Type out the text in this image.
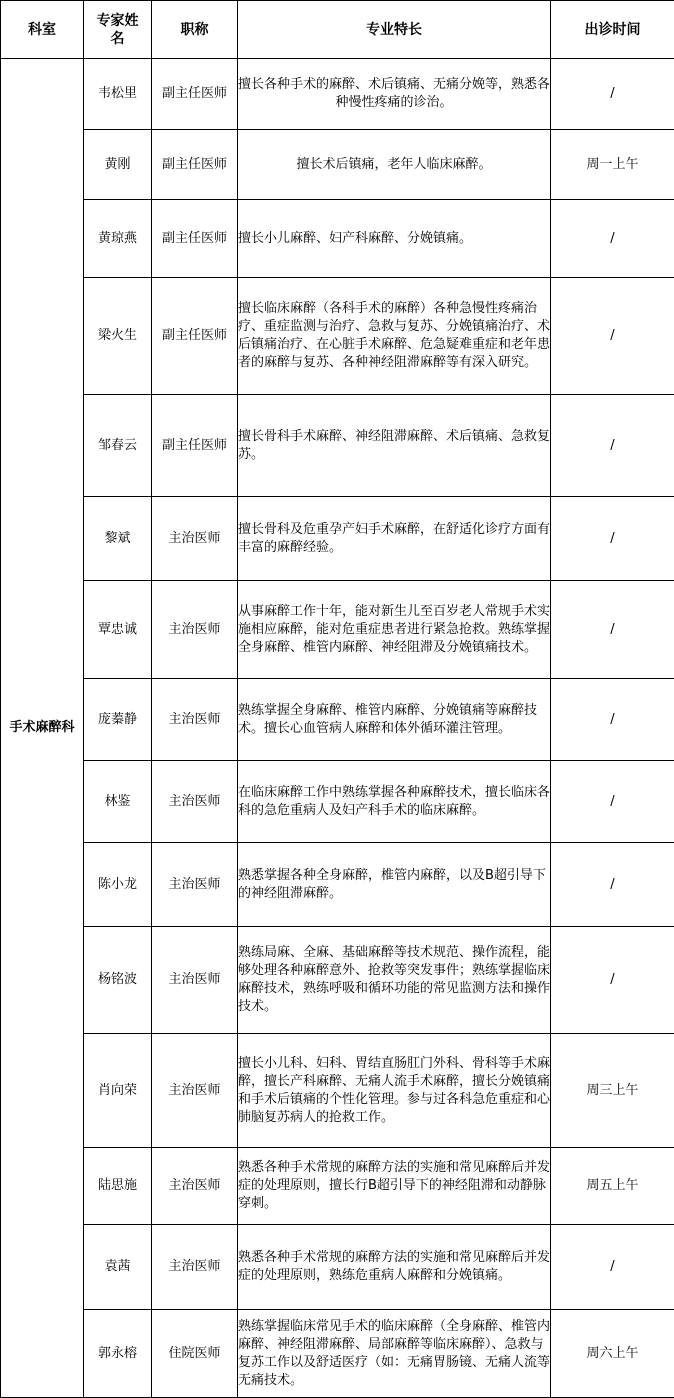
科室	专家姓名	职称	专业特长	出诊时间
手术麻醉科	韦松里	副主任医师	擅长各种手术的麻醉、术后镇痛、无痛分娩等，熟悉各种慢性疼痛的诊治。	/
	黄刚	副主任医师	擅长术后镇痛，老年人临床麻醉。	周一上午
	黄琼燕	副主任医师	擅长小儿麻醉、妇产科麻醉、分娩镇痛。	/
	梁火生	副主任医师	擅长临床麻醉（各科手术的麻醉）各种急慢性疼痛治疗、重症监测与治疗、急救与复苏、分娩镇痛治疗、术后镇痛治疗、在心脏手术麻醉、危急疑难重症和老年患者的麻醉与复苏、各种神经阻滞麻醉等有深入研究。	/
	邹春云	副主任医师	擅长骨科手术麻醉、神经阻滞麻醉、术后镇痛、急救复苏。	/
	黎斌	主治医师	擅长骨科及危重孕产妇手术麻醉，在舒适化诊疗方面有丰富的麻醉经验。	/
	覃忠诚	主治医师	从事麻醉工作十年，能对新生儿至百岁老人常规手术实施相应麻醉，能对危重症患者进行紧急抢救。熟练掌握全身麻醉、椎管内麻醉、神经阻滞及分娩镇痛技术。	/
	庞蓁静	主治医师	熟练掌握全身麻醉、椎管内麻醉、分娩镇痛等麻醉技术。擅长心血管病人麻醉和体外循环灌注管理。	/
	林鉴	主治医师	在临床麻醉工作中熟练掌握各种麻醉技术，擅长临床各科的急危重病人及妇产科手术的临床麻醉。	/
	陈小龙	主治医师	熟悉掌握各种全身麻醉，椎管内麻醉，以及B超引导下的神经阻滞麻醉。	/
	杨铭波	主治医师	熟练局麻、全麻、基础麻醉等技术规范、操作流程，能够处理各种麻醉意外、抢救等突发事件；熟练掌握临床麻醉技术，熟练呼吸和循环功能的常见监测方法和操作技术。	/
	肖向荣	主治医师	擅长小儿科、妇科、胃结直肠肛门外科、骨科等手术麻醉，擅长产科麻醉、无痛人流手术麻醉，擅长分娩镇痛和手术后镇痛的个性化管理。参与过各科急危重症和心肺脑复苏病人的抢救工作。	周三上午
	陆思施	主治医师	熟悉各种手术常规的麻醉方法的实施和常见麻醉后并发症的处理原则，擅长行B超引导下的神经阻滞和动静脉穿刺。	周五上午
	袁茜	主治医师	熟悉各种手术常规的麻醉方法的实施和常见麻醉后并发症的处理原则，熟练危重病人麻醉和分娩镇痛。	/
	郭永榕	住院医师	熟练掌握临床常见手术的临床麻醉（全身麻醉、椎管内麻醉、神经阻滞麻醉、局部麻醉等临床麻醉）、急救与复苏工作以及舒适医疗（如：无痛胃肠镜、无痛人流等无痛技术。	周六上午
